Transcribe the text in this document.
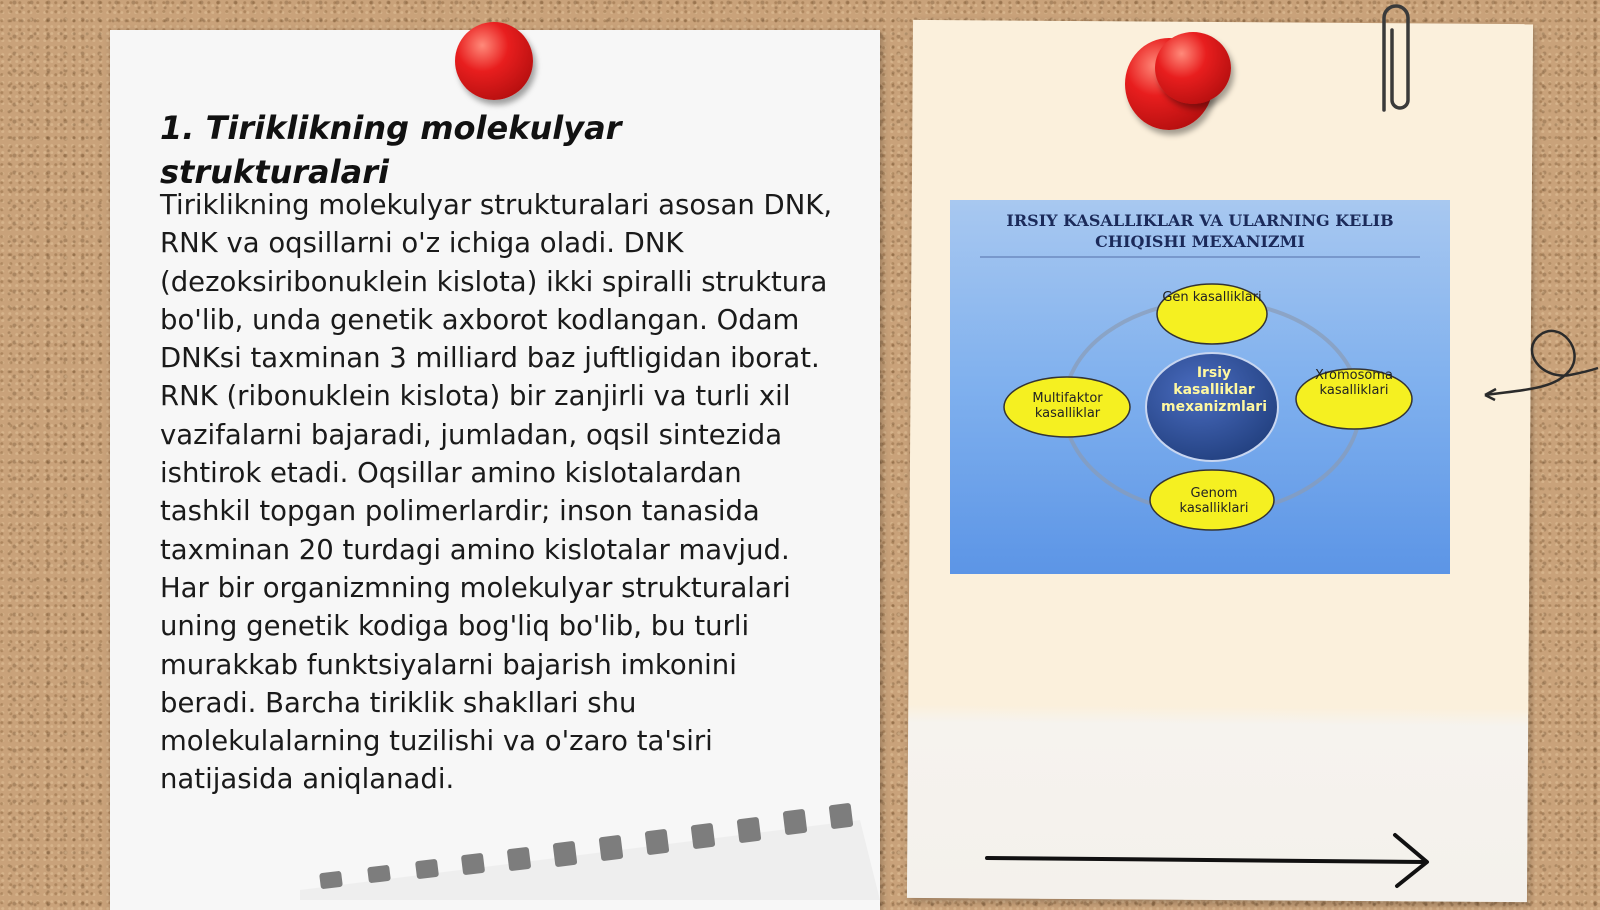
1. Tiriklikning molekulyar strukturalari

Tiriklikning molekulyar strukturalari asosan DNK, RNK va oqsillarni o'z ichiga oladi. DNK (dezoksiribonuklein kislota) ikki spiralli struktura bo'lib, unda genetik axborot kodlangan. Odam DNKsi taxminan 3 milliard baz juftligidan iborat. RNK (ribonuklein kislota) bir zanjirli va turli xil vazifalarni bajaradi, jumladan, oqsil sintezida ishtirok etadi. Oqsillar amino kislotalardan tashkil topgan polimerlardir; inson tanasida taxminan 20 turdagi amino kislotalar mavjud. Har bir organizmning molekulyar strukturalari uning genetik kodiga bog'liq bo'lib, bu turli murakkab funktsiyalarni bajarish imkonini beradi. Barcha tiriklik shakllari shu molekulalarning tuzilishi va o'zaro ta'siri natijasida aniqlanadi.

IRSIY KASALLIKLAR VA ULARNING KELIB CHIQISHI MEXANIZMI

Gen kasalliklari

Multifaktor kasalliklar

Xromosoma kasalliklari

Genom kasalliklari

Irsiy kasalliklar mexanizmlari
